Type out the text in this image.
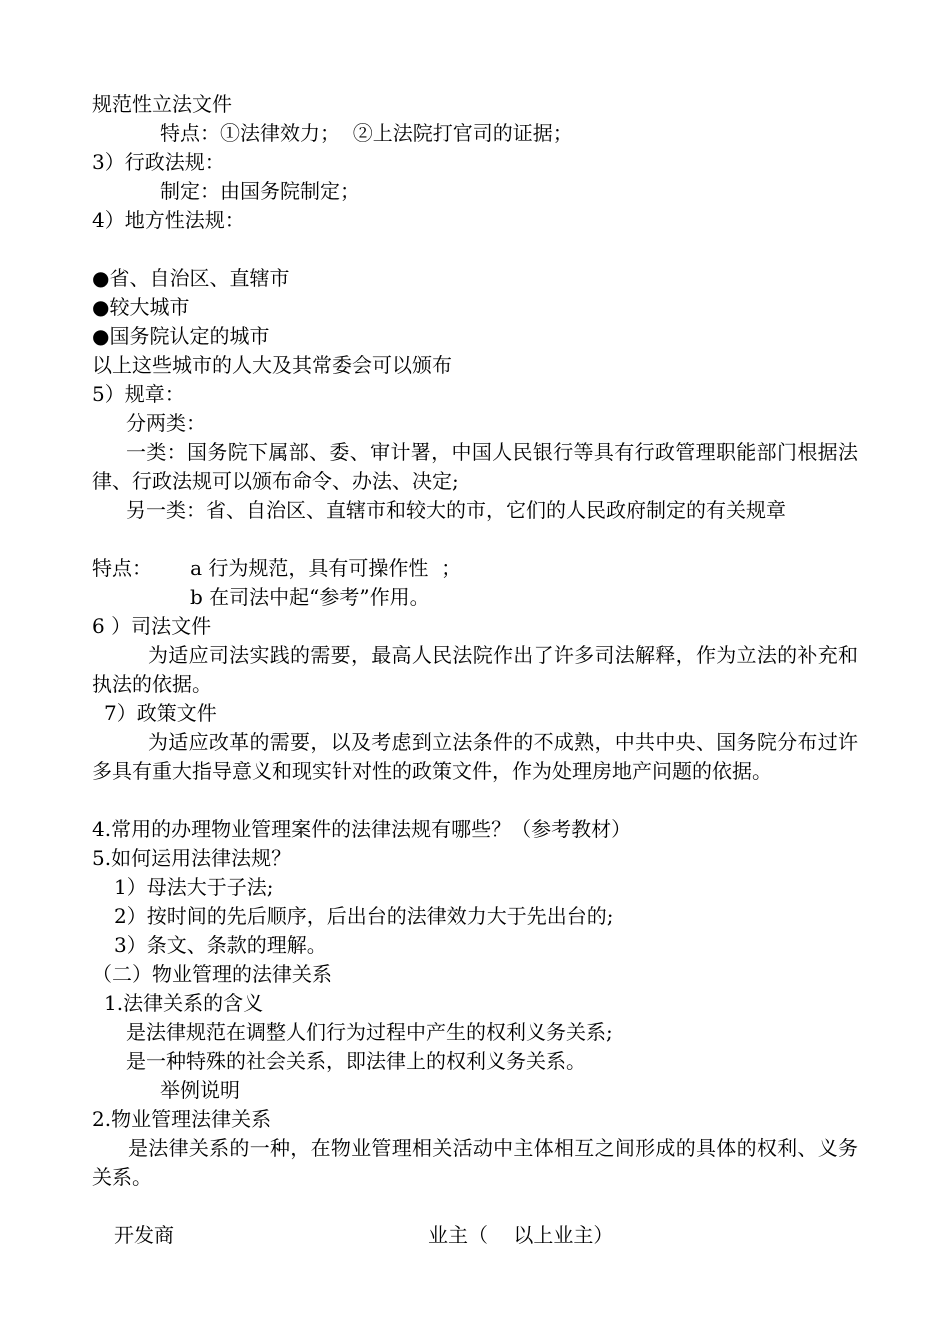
规范性立法文件
特点：①法律效力；  ②上法院打官司的证据；
3）行政法规：
制定：由国务院制定；
4）地方性法规：
●省、自治区、直辖市
●较大城市
●国务院认定的城市
以上这些城市的人大及其常委会可以颁布
5）规章：
分两类：
一类：国务院下属部、委、审计署，中国人民银行等具有行政管理职能部门根据法律、行政法规可以颁布命令、办法、决定;
另一类：省、自治区、直辖市和较大的市，它们的人民政府制定的有关规章
特点：      a 行为规范，具有可操作性  ；
b 在司法中起“参考”作用。
6 ）司法文件
为适应司法实践的需要，最高人民法院作出了许多司法解释，作为立法的补充和执法的依据。
7）政策文件
为适应改革的需要，以及考虑到立法条件的不成熟，中共中央、国务院分布过许多具有重大指导意义和现实针对性的政策文件，作为处理房地产问题的依据。
4.常用的办理物业管理案件的法律法规有哪些？（参考教材）
5.如何运用法律法规？
1）母法大于子法;
2）按时间的先后顺序，后出台的法律效力大于先出台的;
3）条文、条款的理解。
（二）物业管理的法律关系
1.法律关系的含义
是法律规范在调整人们行为过程中产生的权利义务关系;
是一种特殊的社会关系，即法律上的权利义务关系。
举例说明
2.物业管理法律关系
是法律关系的一种，在物业管理相关活动中主体相互之间形成的具体的权利、义务关系。
开发商	业主（    以上业主）
